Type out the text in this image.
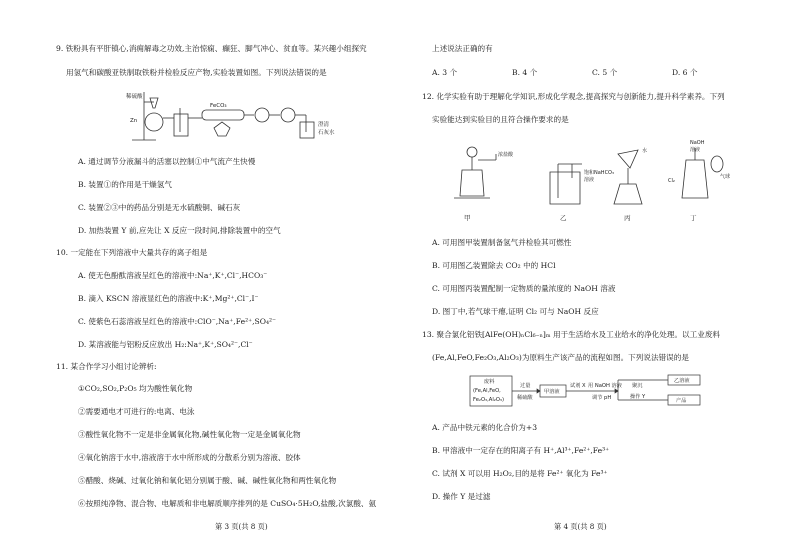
9. 铁粉具有平肝镇心,消痈解毒之功效,主治惊痫、癫狂、脚气冲心、贫血等。某兴趣小组探究
用氢气和碳酸亚铁制取铁粉并检验反应产物,实验装置如图。下列说法错误的是
稀硫酸
Zn
FeCO₃
澄清
石灰水
A. 通过调节分液漏斗的活塞以控制①中气流产生快慢
B. 装置①的作用是干燥氢气
C. 装置②③中的药品分别是无水硫酸铜、碱石灰
D. 加热装置 Y 前,应先让 X 反应一段时间,排除装置中的空气
10. 一定能在下列溶液中大量共存的离子组是
A. 使无色酚酞溶液呈红色的溶液中:Na⁺,K⁺,Cl⁻,HCO₃⁻
B. 滴入 KSCN 溶液显红色的溶液中:K⁺,Mg²⁺,Cl⁻,I⁻
C. 使紫色石蕊溶液呈红色的溶液中:ClO⁻,Na⁺,Fe²⁺,SO₄²⁻
D. 某溶液能与铝粉反应放出 H₂:Na⁺,K⁺,SO₄²⁻,Cl⁻
11. 某合作学习小组讨论辨析:
①CO₂,SO₂,P₂O₅ 均为酸性氧化物
②需要通电才可进行的:电离、电泳
③酸性氧化物不一定是非金属氧化物,碱性氧化物一定是金属氧化物
④氧化钠溶于水中,溶液溶于水中所形成的分散系分别为溶液、胶体
⑤醋酸、烧碱、过氧化钠和氧化铝分别属于酸、碱、碱性氧化物和两性氧化物
⑥按照纯净物、混合物、电解质和非电解质顺序排列的是 CuSO₄·5H₂O,盐酸,次氯酸、氨
第 3 页(共 8 页)
上述说法正确的有
A. 3 个	B. 4 个	C. 5 个	D. 6 个
12. 化学实验有助于理解化学知识,形成化学观念,提高探究与创新能力,提升科学素养。下列
实验能达到实验目的且符合操作要求的是
浓盐酸
饱和NaHCO₃
溶液
水
NaOH
溶液
Cl₂
气球
甲	乙	丙	丁
A. 可用图甲装置制备氢气并检验其可燃性
B. 可用图乙装置除去 CO₂ 中的 HCl
C. 可用图丙装置配制一定物质的量浓度的 NaOH 溶液
D. 图丁中,若气球干瘪,证明 Cl₂ 可与 NaOH 反应
13. 聚合氯化铝铁[AlFe(OH)ₙCl₆₋ₙ]ₘ 用于生活给水及工业给水的净化处理。以工业废料
(Fe,Al,FeO,Fe₂O₃,Al₂O₃)为原料生产该产品的流程如图。下列说法错误的是
废料
(Fe,Al,FeO,
Fe₂O₃,Al₂O₃)
过量
稀硫酸
甲溶液
试剂 X 用 NaOH 溶液
调节 pH
聚沉
操作 Y
乙溶液
产品
A. 产品中铁元素的化合价为+3
B. 甲溶液中一定存在的阳离子有 H⁺,Al³⁺,Fe²⁺,Fe³⁺
C. 试剂 X 可以用 H₂O₂,目的是将 Fe²⁺ 氧化为 Fe³⁺
D. 操作 Y 是过滤
第 4 页(共 8 页)
